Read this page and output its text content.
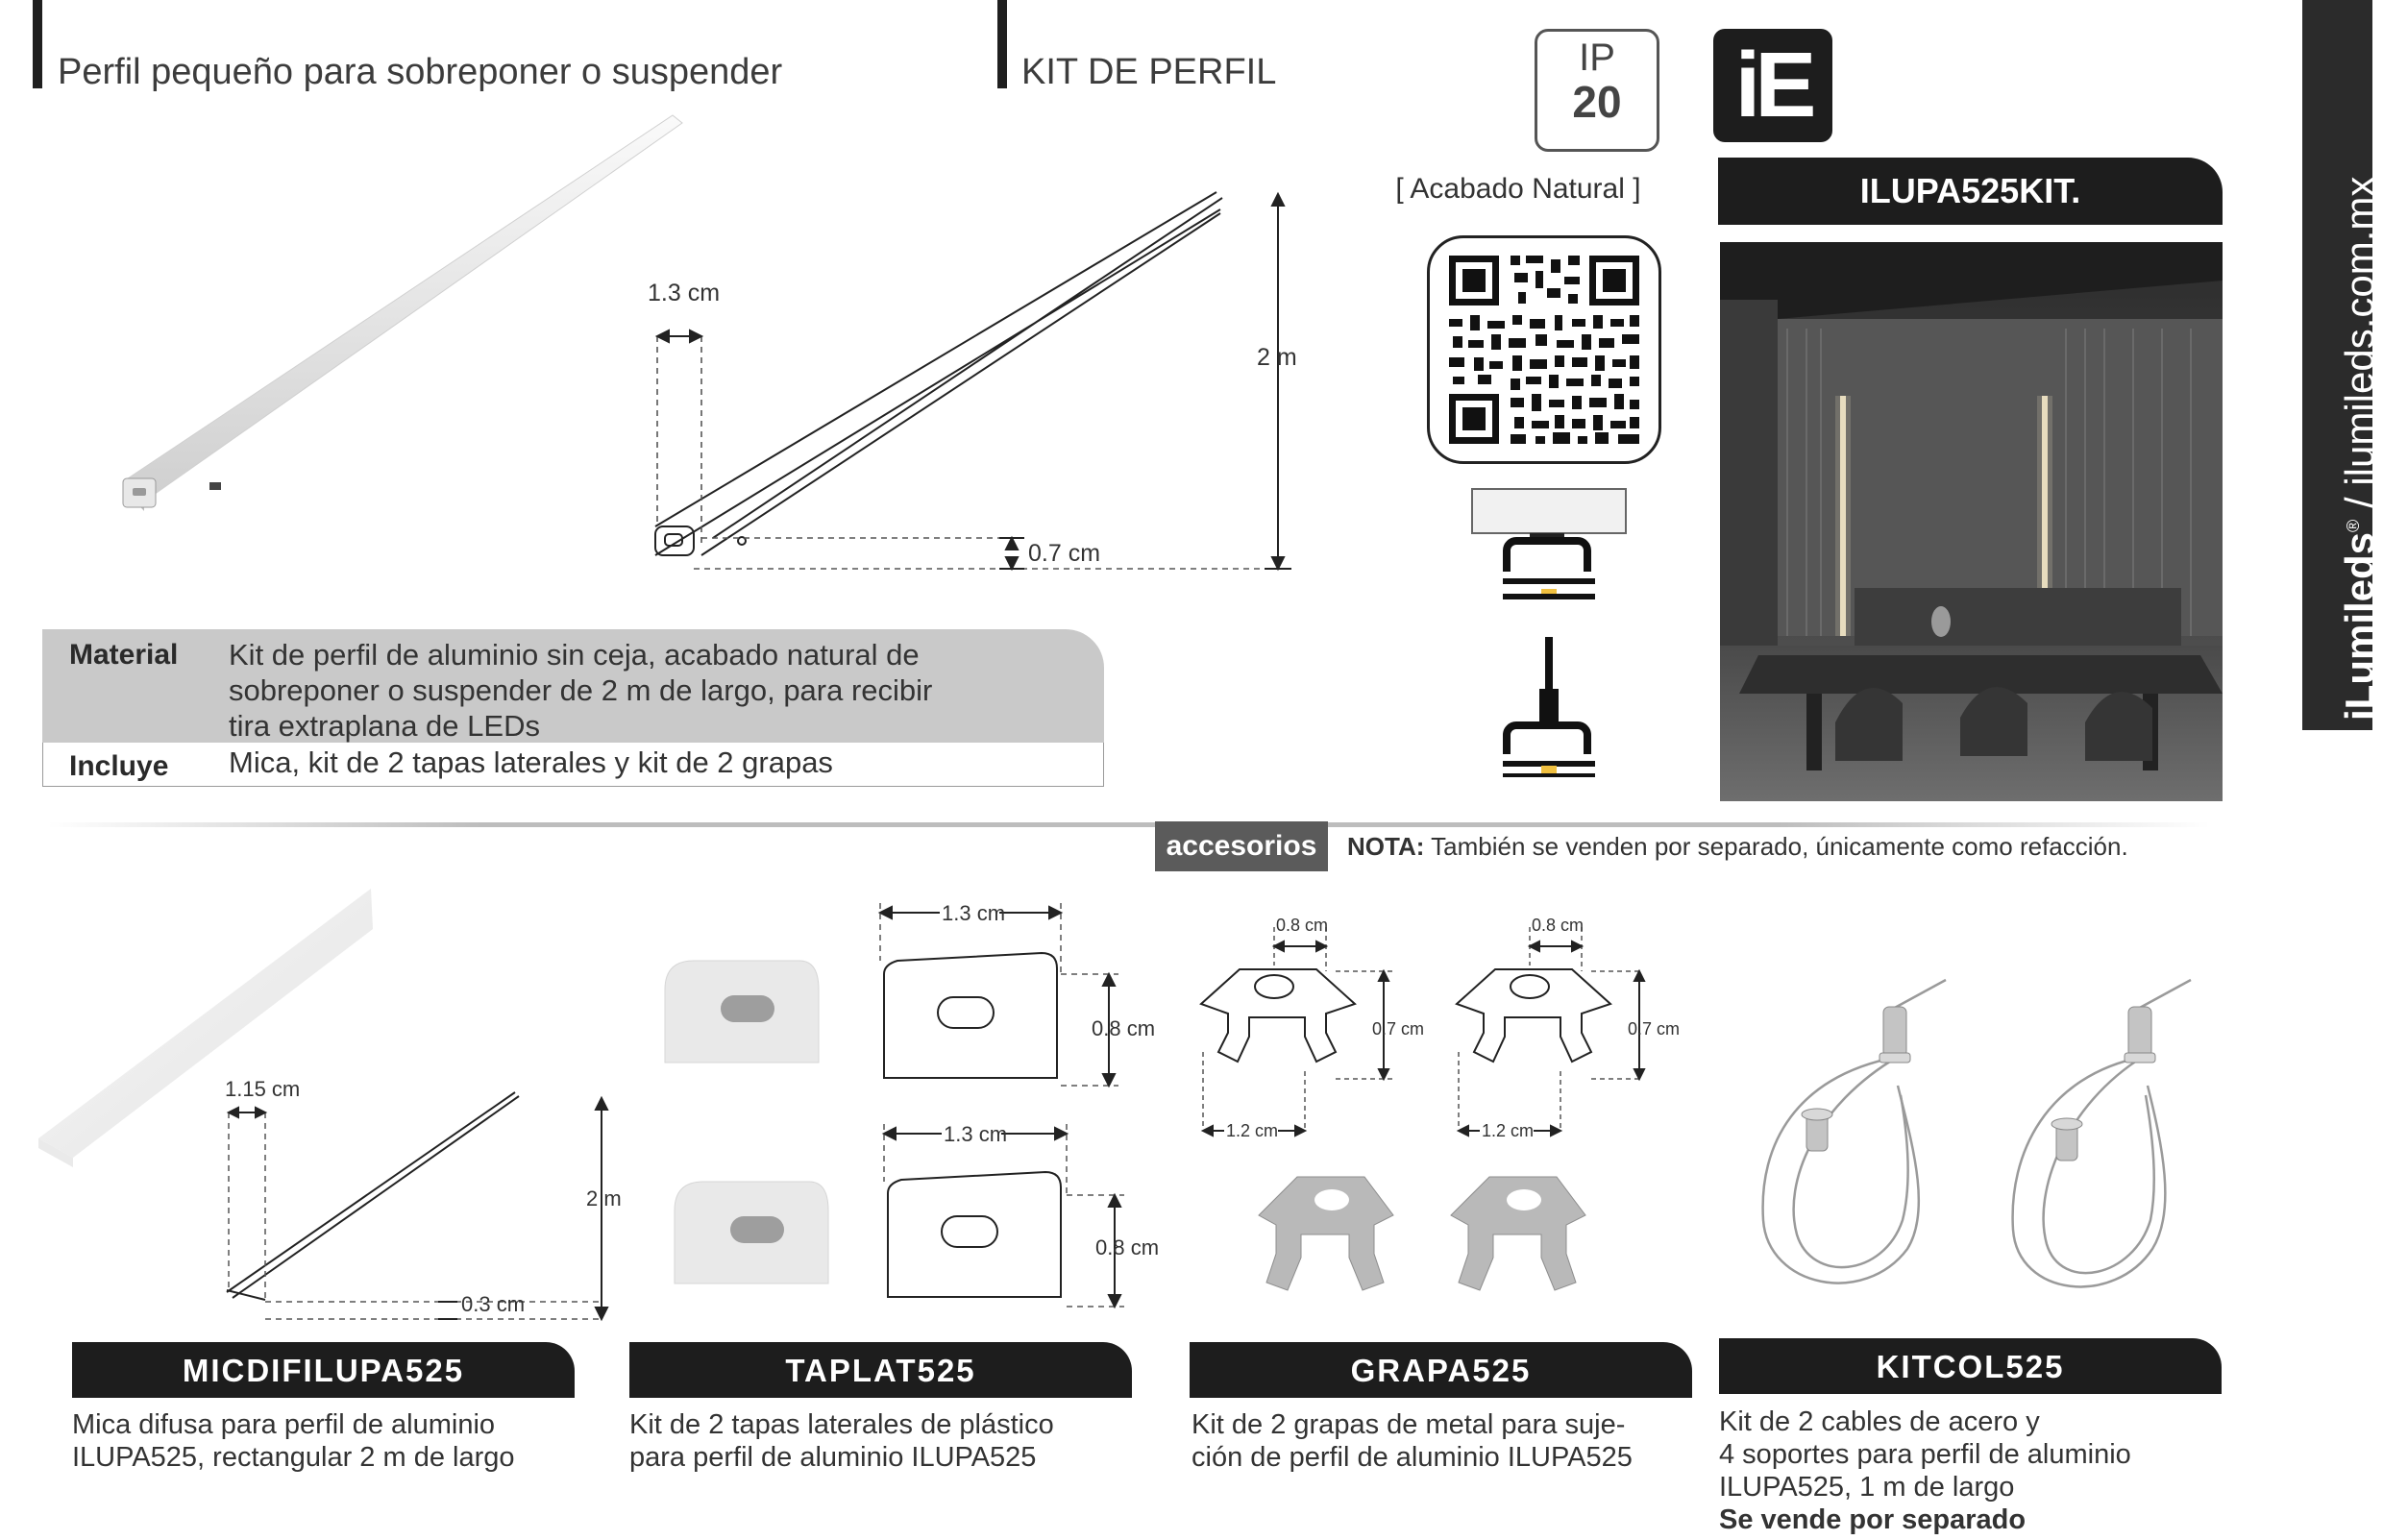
Perfil pequeño para sobreponer o suspender	KIT DE PERFIL	IP
20	iE
[ Acabado Natural ]	ILUPA525KIT.
1.3 cm
2 m
0.7 cm
Material Kit de perfil de aluminio sin ceja, acabado natural de
sobreponer o suspender de 2 m de largo, para recibir
tira extraplana de LEDs
Incluye Mica, kit de 2 tapas laterales y kit de 2 grapas
accesorios	NOTA: También se venden por separado, únicamente como refacción.
1.15 cm
2 m
0.3 cm
1.3 cm
0.8 cm
1.3 cm
0.8 cm
0.8 cm
0.7 cm
1.2 cm
0.8 cm
0.7 cm
1.2 cm
MICDIFILUPA525	TAPLAT525	GRAPA525	KITCOL525
Mica difusa para perfil de aluminio
ILUPA525, rectangular 2 m de largo
Kit de 2 tapas laterales de plástico
para perfil de aluminio ILUPA525
Kit de 2 grapas de metal para suje-
ción de perfil de aluminio ILUPA525
Kit de 2 cables de acero y
4 soportes para perfil de aluminio
ILUPA525, 1 m de largo
Se vende por separado
iLumileds® / ilumileds.com.mx
